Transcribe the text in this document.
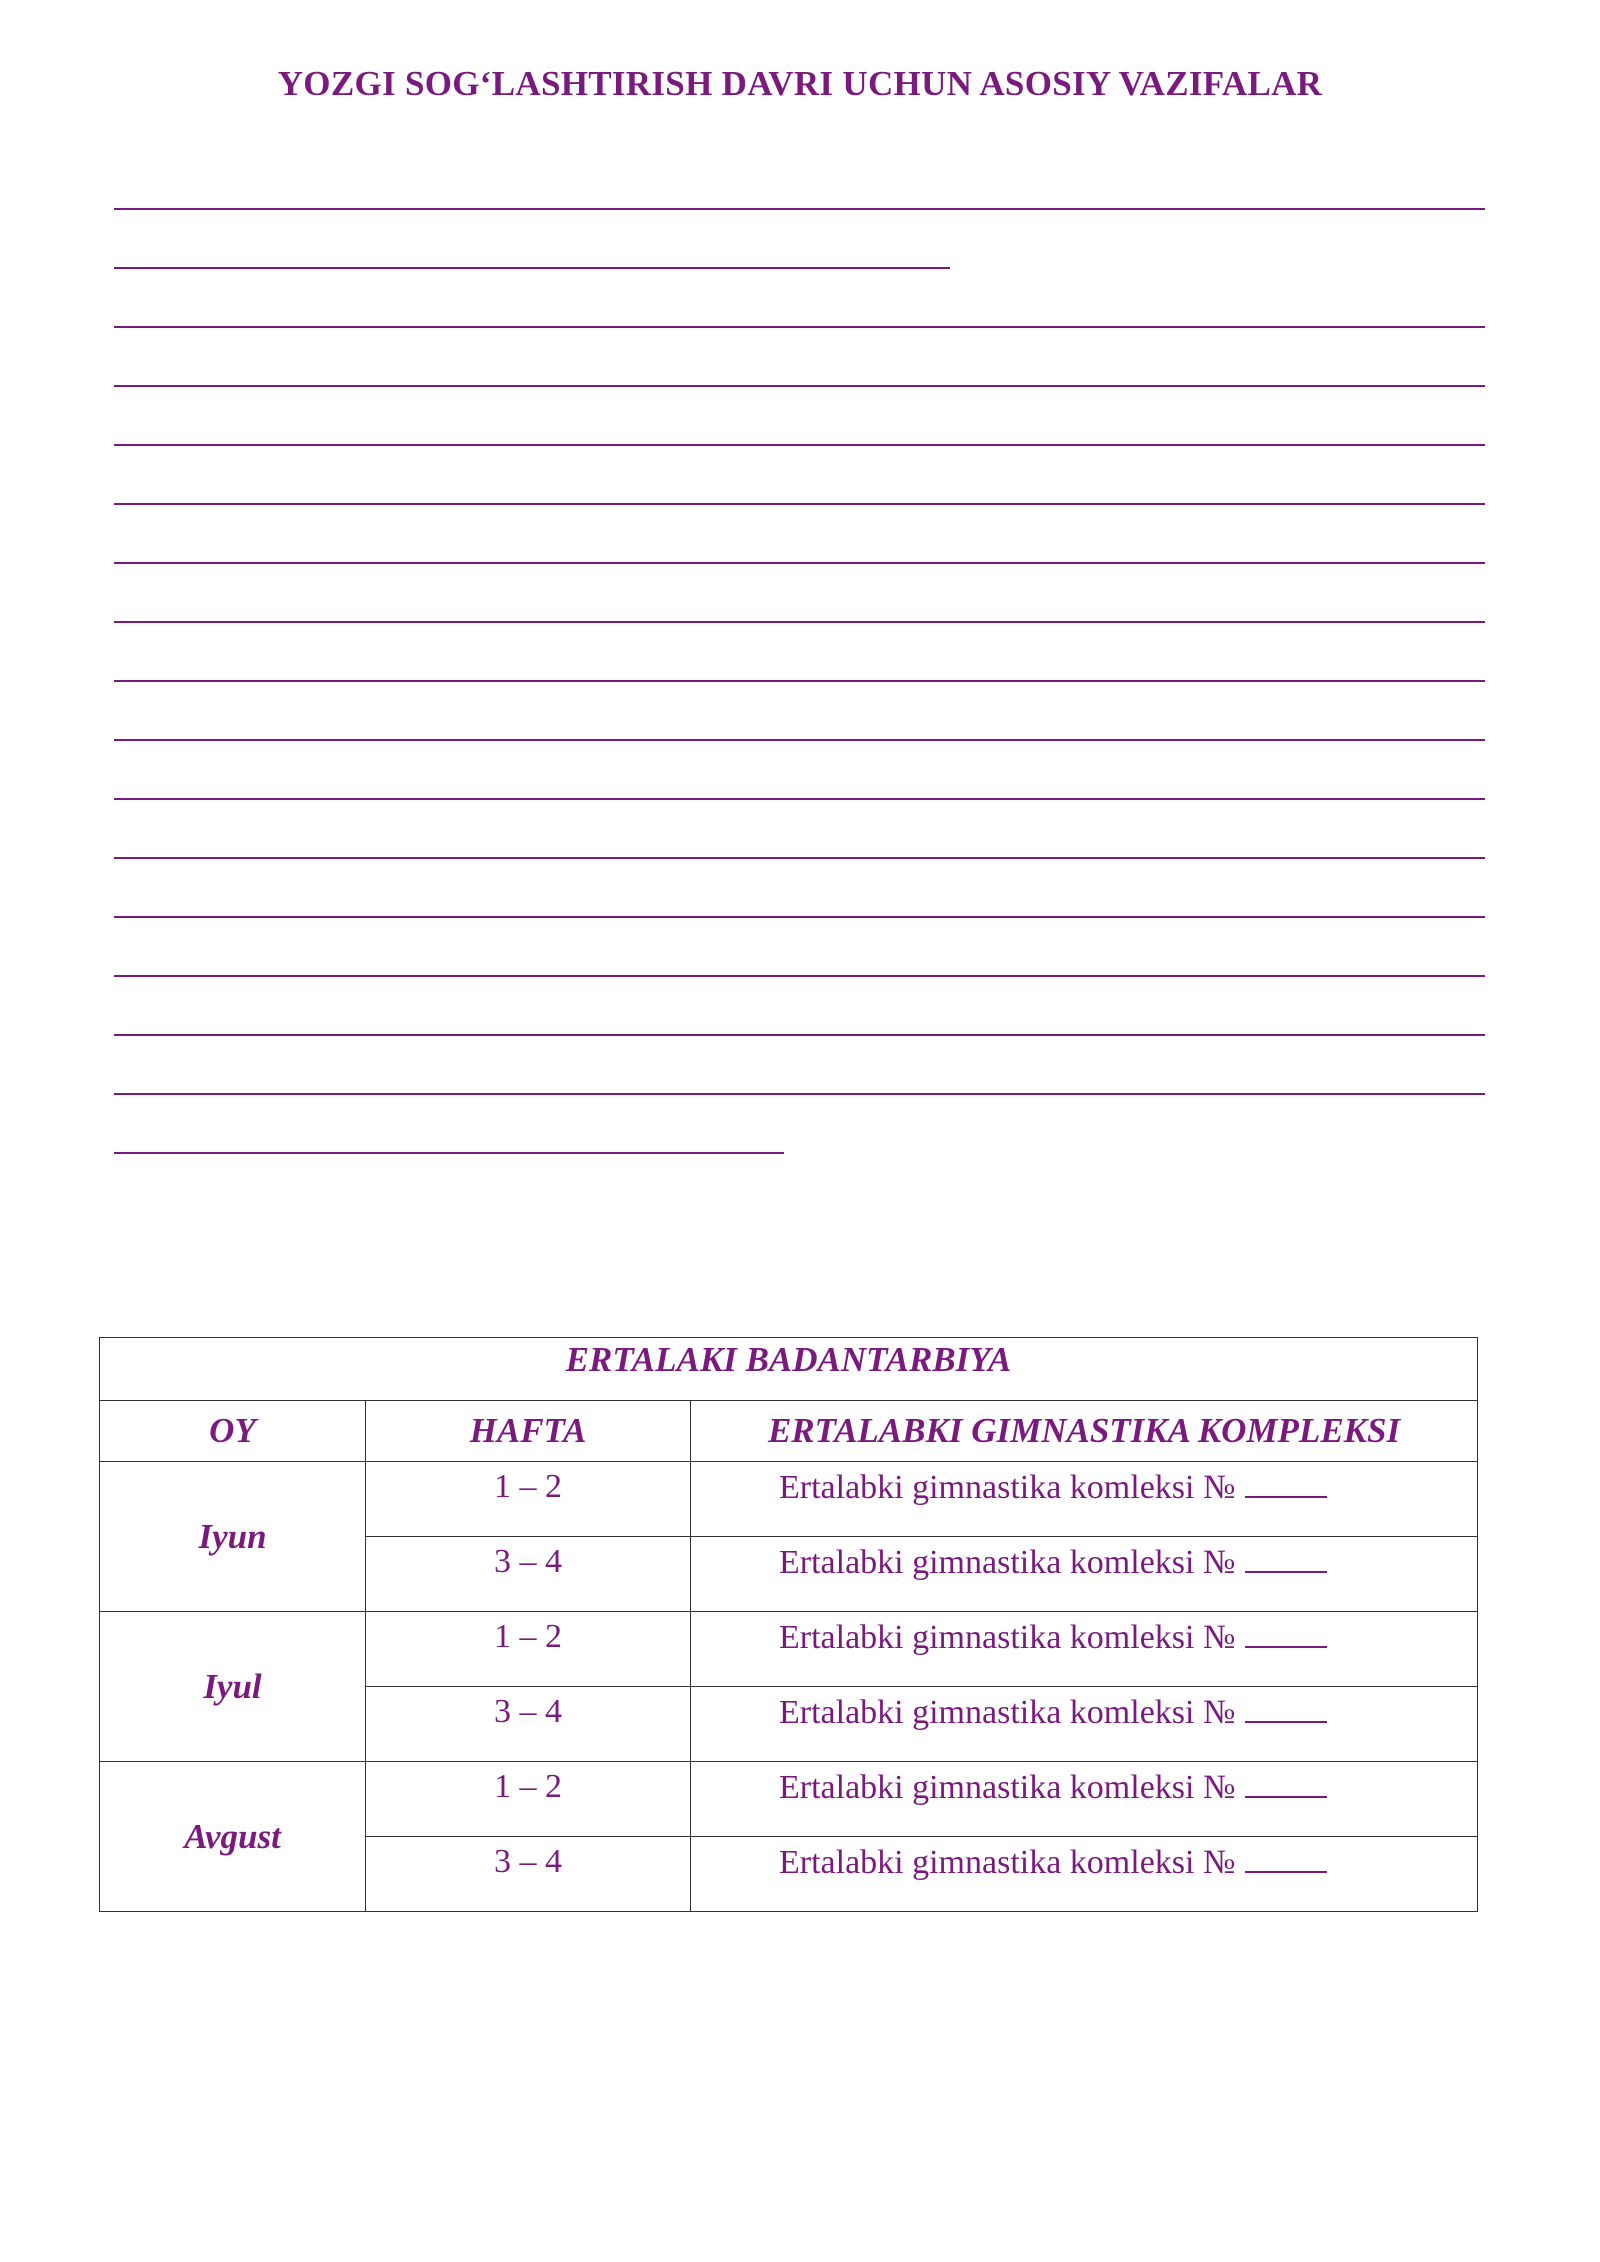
YOZGI SOG‘LASHTIRISH DAVRI UCHUN ASOSIY VAZIFALAR
ERTALAKI BADANTARBIYA		
OY	HAFTA	ERTALABKI GIMNASTIKA KOMPLEKSI
Iyun	1 – 2	Ertalabki gimnastika komleksi №
	3 – 4	Ertalabki gimnastika komleksi №
Iyul	1 – 2	Ertalabki gimnastika komleksi №
	3 – 4	Ertalabki gimnastika komleksi №
Avgust	1 – 2	Ertalabki gimnastika komleksi №
	3 – 4	Ertalabki gimnastika komleksi №
